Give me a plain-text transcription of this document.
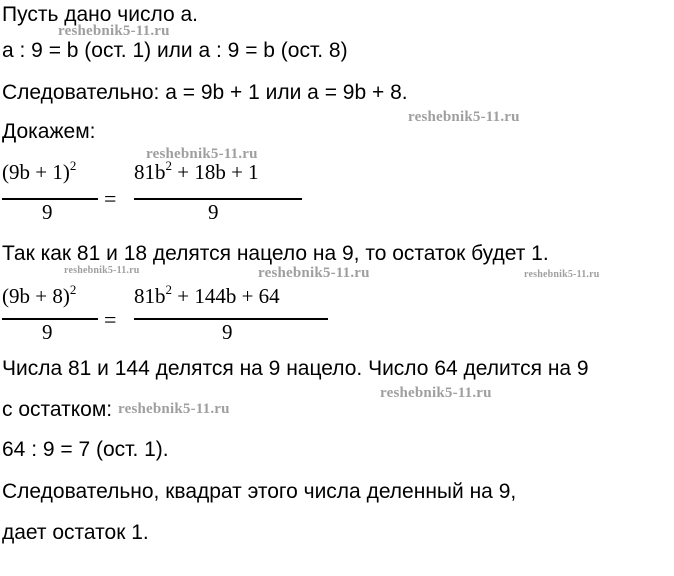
Пусть дано число a.
a : 9 = b (ост. 1) или a : 9 = b (ост. 8)
Следовательно: a = 9b + 1 или a = 9b + 8.
Докажем:
$(9b + 1)^2$
9
=
$81b^2 + 18b + 1$
9
Так как 81 и 18 делятся нацело на 9, то остаток будет 1.
$(9b + 8)^2$
9 =
$81b^2 + 144b + 64$
9
Числа 81 и 144 делятся на 9 нацело. Число 64 делится на 9
с остатком:
64 : 9 = 7 (ост. 1).
Следовательно, квадрат этого числа деленный на 9,
дает остаток 1.
reshebnik5-11.ru
reshebnik5-11.ru
reshebnik5-11.ru
reshebnik5-11.ru	reshebnik5-11.ru	reshebnik5-11.ru
reshebnik5-11.ru
reshebnik5-11.ru
